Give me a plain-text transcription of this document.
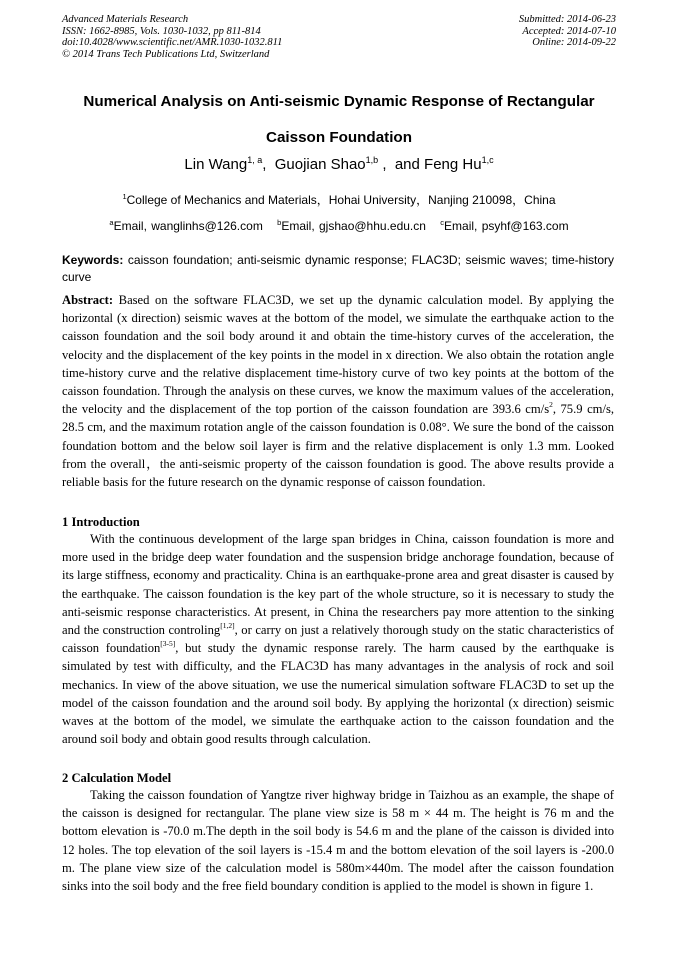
Advanced Materials Research
ISSN: 1662-8985, Vols. 1030-1032, pp 811-814
doi:10.4028/www.scientific.net/AMR.1030-1032.811
© 2014 Trans Tech Publications Ltd, Switzerland
Submitted: 2014-06-23
Accepted: 2014-07-10
Online: 2014-09-22
Numerical Analysis on Anti-seismic Dynamic Response of Rectangular
Caisson Foundation
Lin Wang$^{1, a}$,  Guojian Shao$^{1,b}$ ,  and Feng Hu$^{1,c}$
$^1$College of Mechanics and Materials，Hohai University，Nanjing 210098，China
$^a$Email, wanglinhs@126.com $^b$Email, gjshao@hhu.edu.cn $^c$Email, psyhf@163.com
Keywords: caisson foundation; anti-seismic dynamic response; FLAC3D; seismic waves; time-history curve
Abstract: Based on the software FLAC3D, we set up the dynamic calculation model. By applying the horizontal (x direction) seismic waves at the bottom of the model, we simulate the earthquake action to the caisson foundation and the soil body around it and obtain the time-history curves of the acceleration, the velocity and the displacement of the key points in the model in x direction. We also obtain the rotation angle time-history curve and the relative displacement time-history curve of two key points at the bottom of the caisson foundation. Through the analysis on these curves, we know the maximum values of the acceleration, the velocity and the displacement of the top portion of the caisson foundation are 393.6 $cm/s^2$, 75.9 cm/s, 28.5 cm, and the maximum rotation angle of the caisson foundation is 0.08°. We sure the bond of the caisson foundation bottom and the below soil layer is firm and the relative displacement is only 1.3 mm. Looked from the overall，the anti-seismic property of the caisson foundation is good. The above results provide a reliable basis for the future research on the dynamic response of caisson foundation.
1 Introduction
With the continuous development of the large span bridges in China, caisson foundation is more and more used in the bridge deep water foundation and the suspension bridge anchorage foundation, because of its large stiffness, economy and practicality. China is an earthquake-prone area and great disaster is caused by the earthquake. The caisson foundation is the key part of the whole structure, so it is necessary to study the anti-seismic response characteristics. At present, in China the researchers pay more attention to the sinking and the construction controling[1,2], or carry on just a relatively thorough study on the static characteristics of caisson foundation[3-5], but study the dynamic response rarely. The harm caused by the earthquake is simulated by test with difficulty, and the FLAC3D has many advantages in the analysis of rock and soil mechanics. In view of the above situation, we use the numerical simulation software FLAC3D to set up the model of the caisson foundation and the around soil body. By applying the horizontal (x direction) seismic waves at the bottom of the model, we simulate the earthquake action to the caisson foundation and the around soil body and obtain good results through calculation.
2 Calculation Model
Taking the caisson foundation of Yangtze river highway bridge in Taizhou as an example, the shape of the caisson is designed for rectangular. The plane view size is 58 m × 44 m. The height is 76 m and the bottom elevation is -70.0 m.The depth in the soil body is 54.6 m and the plane of the caisson is divided into 12 holes. The top elevation of the soil layers is -15.4 m and the bottom elevation of the soil layers is -200.0 m. The plane view size of the calculation model is 580m×440m. The model after the caisson foundation sinks into the soil body and the free field boundary condition is applied to the model is shown in figure 1.
